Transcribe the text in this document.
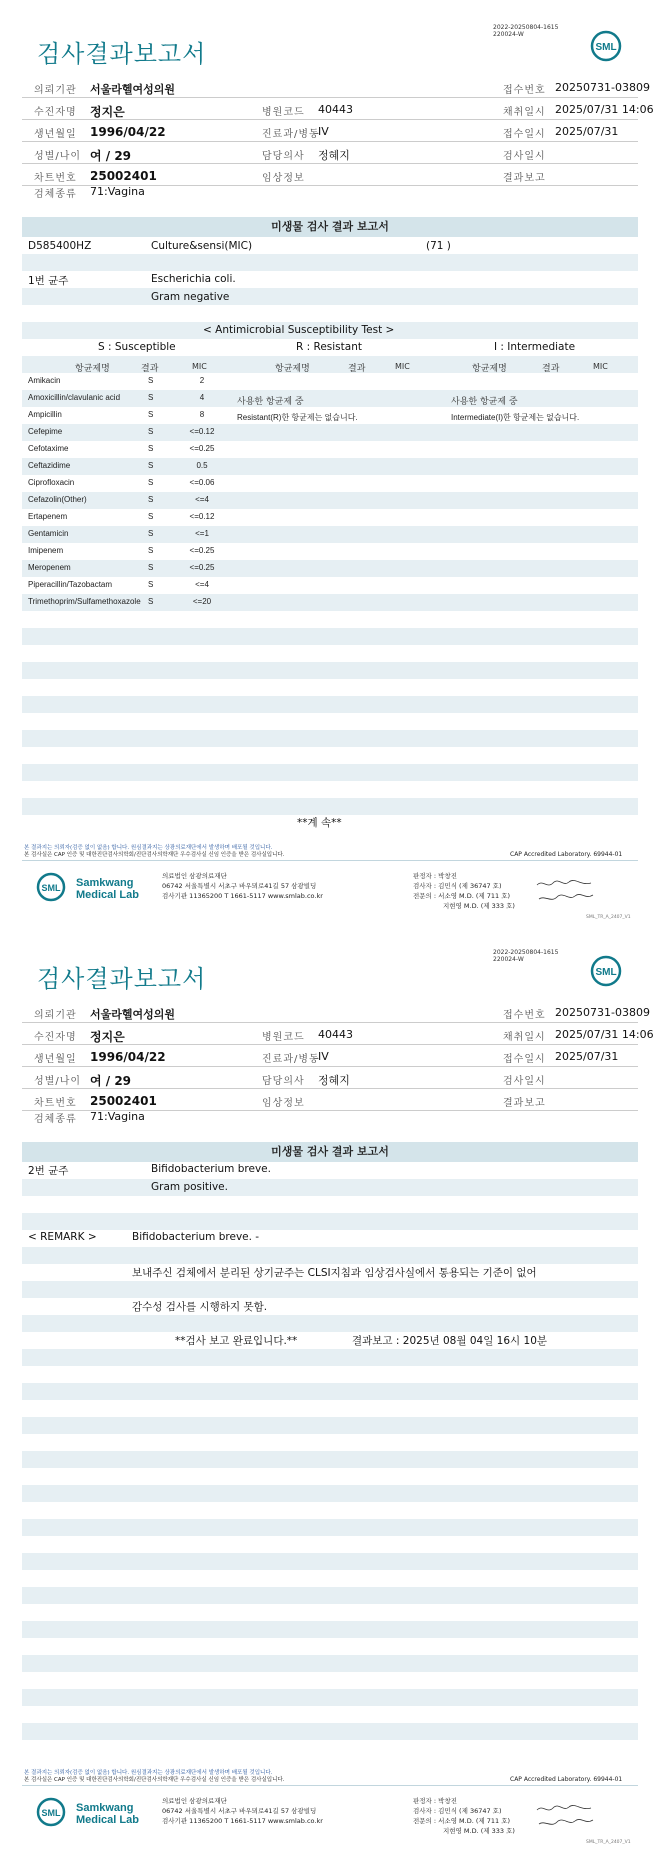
2022-20250804-1615
220024-W
검사결과보고서	SML
의뢰기관 서울라헬여성의원	접수번호 20250731-03809
수진자명 정지은	병원코드 40443	채취일시 2025/07/31 14:06
생년월일 1996/04/22	진료과/병동
IV	접수일시 2025/07/31
성별/나이 여 / 29	담당의사 정혜지	검사일시
차트번호 25002401	임상정보	결과보고
검체종류 71:Vagina
미생물 검사 결과 보고서
D585400HZ	Culture&sensi(MIC)	(71 )
1번 균주	Escherichia coli.
Gram negative
< Antimicrobial Susceptibility Test >
S : Susceptible	R : Resistant	I : Intermediate
항균제명	결과	MIC	항균제명	결과	MIC	항균제명	결과	MIC
Amikacin	S	2
Amoxicillin/clavulanic acid	S	4
Ampicillin	S	8
Cefepime	S	<=0.12
Cefotaxime	S	<=0.25
Ceftazidime	S	0.5
Ciprofloxacin	S	<=0.06
Cefazolin(Other)	S	<=4
Ertapenem	S	<=0.12
Gentamicin	S	<=1
Imipenem	S	<=0.25
Meropenem	S	<=0.25
Piperacillin/Tazobactam	S	<=4
Trimethoprim/Sulfamethoxazole S	<=20
사용한 항균제 중
Resistant(R)한 항균제는 없습니다.
사용한 항균제 중
Intermediate(I)한 항균제는 없습니다.
**계 속**
본 결과지는 의뢰자(검증 없이 없음) 합니다. 원심결과지는 상광의료재단에서 발생하며 배포될 것입니다.
본 검사실은 CAP 인증 및 대한진단검사의학회/진단검사의학재단 우수검사실 신임 인증을 받은 검사실입니다.	CAP Accredited Laboratory. 69944-01
SML Samkwang
Medical Lab
의료법인 삼광의료재단
06742 서울특별시 서초구 바우뫼로41길 57 삼광빌딩
검사기관 11365200 T 1661-5117 www.smlab.co.kr
판정자 : 박창진
검사자 : 김민식 (제 36747 호)
전문의 : 서소영 M.D. (제 711 호)
지현영 M.D. (제 333 호)
SML_TR_A_2407_V1
2022-20250804-1615
220024-W
검사결과보고서	SML
의뢰기관 서울라헬여성의원	접수번호 20250731-03809
수진자명 정지은	병원코드 40443	채취일시 2025/07/31 14:06
생년월일 1996/04/22	진료과/병동
IV	접수일시 2025/07/31
성별/나이 여 / 29	담당의사 정혜지	검사일시
차트번호 25002401	임상정보	결과보고
검체종류 71:Vagina
미생물 검사 결과 보고서
2번 균주	Bifidobacterium breve.
Gram positive.
< REMARK >	Bifidobacterium breve. -
보내주신 검체에서 분리된 상기균주는 CLSI지침과 임상검사실에서 통용되는 기준이 없어
감수성 검사를 시행하지 못함.
**검사 보고 완료입니다.**	결과보고 : 2025년 08월 04일 16시 10분
본 결과지는 의뢰자(검증 없이 없음) 합니다. 원심결과지는 상광의료재단에서 발생하며 배포될 것입니다.
본 검사실은 CAP 인증 및 대한진단검사의학회/진단검사의학재단 우수검사실 신임 인증을 받은 검사실입니다.	CAP Accredited Laboratory. 69944-01
SML Samkwang
Medical Lab
의료법인 삼광의료재단
06742 서울특별시 서초구 바우뫼로41길 57 삼광빌딩
검사기관 11365200 T 1661-5117 www.smlab.co.kr
판정자 : 박창진
검사자 : 김민식 (제 36747 호)
전문의 : 서소영 M.D. (제 711 호)
지현영 M.D. (제 333 호)
SML_TR_A_2407_V1
